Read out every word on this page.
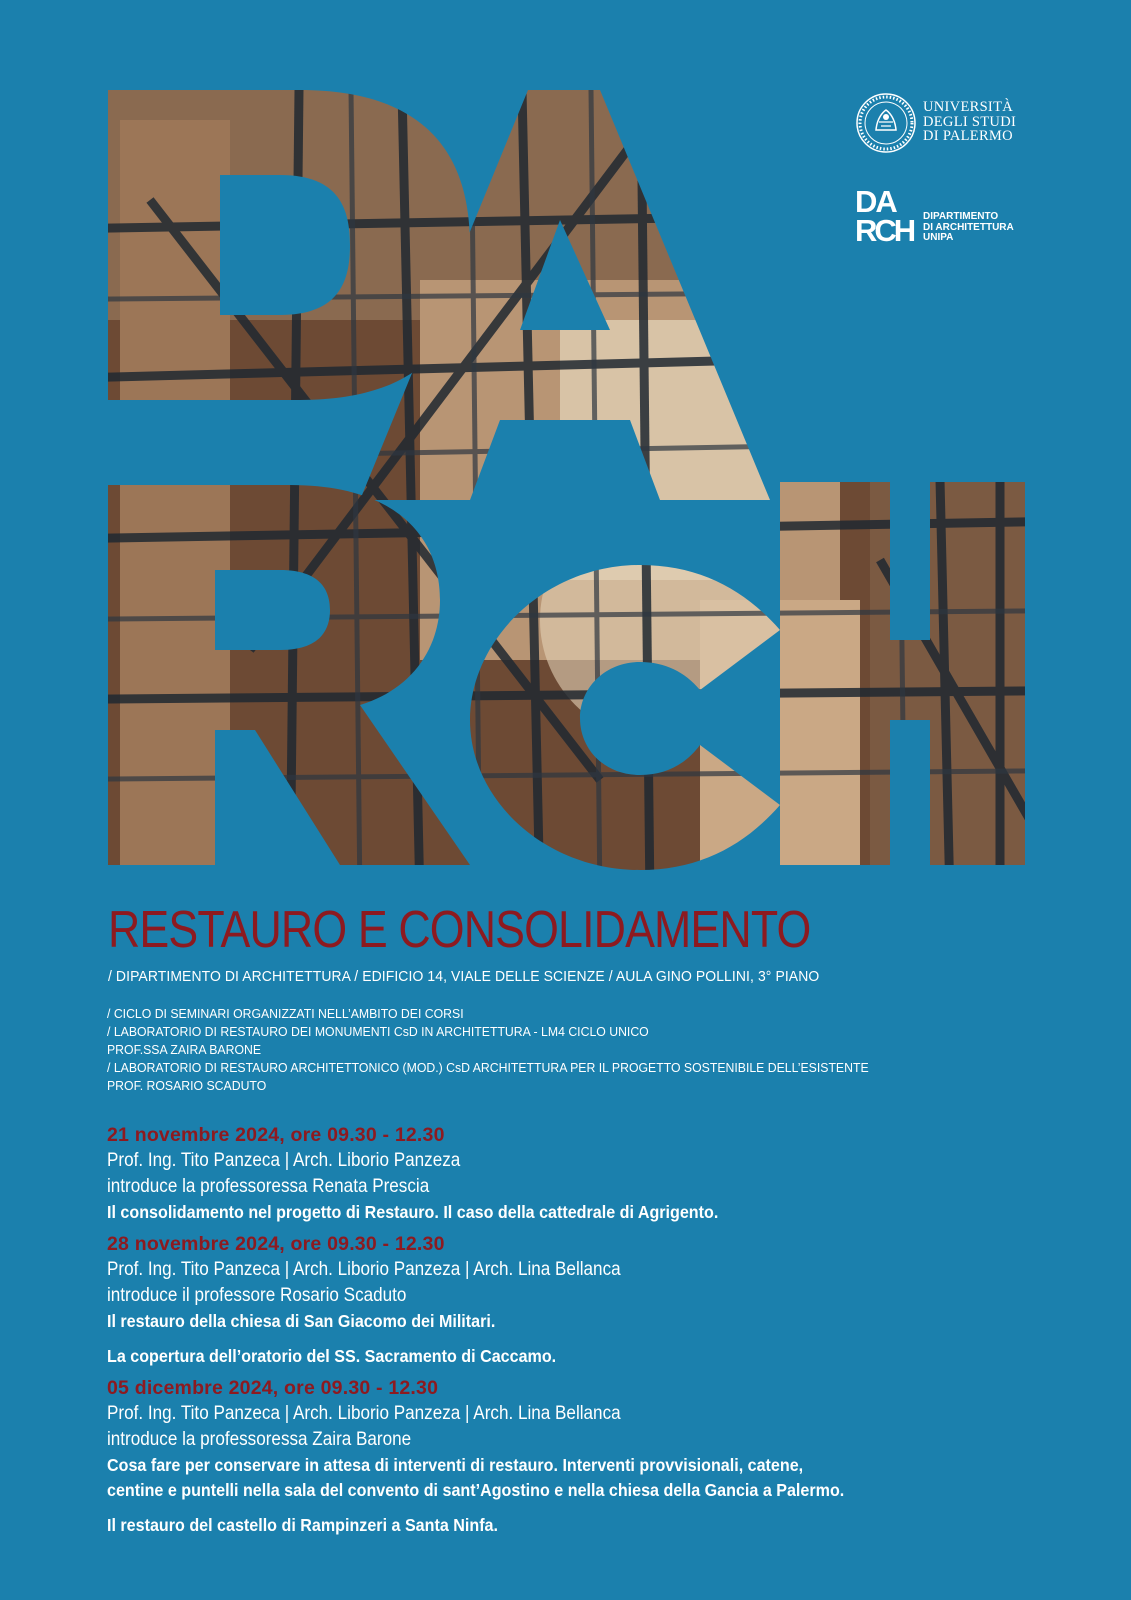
UNIVERSITÀ
DEGLI STUDI
DI PALERMO
DA
RCH DIPARTIMENTO
DI ARCHITETTURA
UNIPA
RESTAURO E CONSOLIDAMENTO
/ DIPARTIMENTO DI ARCHITETTURA / EDIFICIO 14, VIALE DELLE SCIENZE / AULA GINO POLLINI, 3° PIANO
/ CICLO DI SEMINARI ORGANIZZATI NELL’AMBITO DEI CORSI
/ LABORATORIO DI RESTAURO DEI MONUMENTI CsD IN ARCHITETTURA - LM4 CICLO UNICO
PROF.SSA ZAIRA BARONE
/ LABORATORIO DI RESTAURO ARCHITETTONICO (MOD.) CsD ARCHITETTURA PER IL PROGETTO SOSTENIBILE DELL’ESISTENTE
PROF. ROSARIO SCADUTO
21 novembre 2024, ore 09.30 - 12.30
Prof. Ing. Tito Panzeca | Arch. Liborio Panzeza
introduce la professoressa Renata Prescia
Il consolidamento nel progetto di Restauro. Il caso della cattedrale di Agrigento.
28 novembre 2024, ore 09.30 - 12.30
Prof. Ing. Tito Panzeca | Arch. Liborio Panzeza | Arch. Lina Bellanca
introduce il professore Rosario Scaduto
Il restauro della chiesa di San Giacomo dei Militari.
La copertura dell’oratorio del SS. Sacramento di Caccamo.
05 dicembre 2024, ore 09.30 - 12.30
Prof. Ing. Tito Panzeca | Arch. Liborio Panzeza | Arch. Lina Bellanca
introduce la professoressa Zaira Barone
Cosa fare per conservare in attesa di interventi di restauro. Interventi provvisionali, catene,
centine e puntelli nella sala del convento di sant’Agostino e nella chiesa della Gancia a Palermo.
Il restauro del castello di Rampinzeri a Santa Ninfa.
